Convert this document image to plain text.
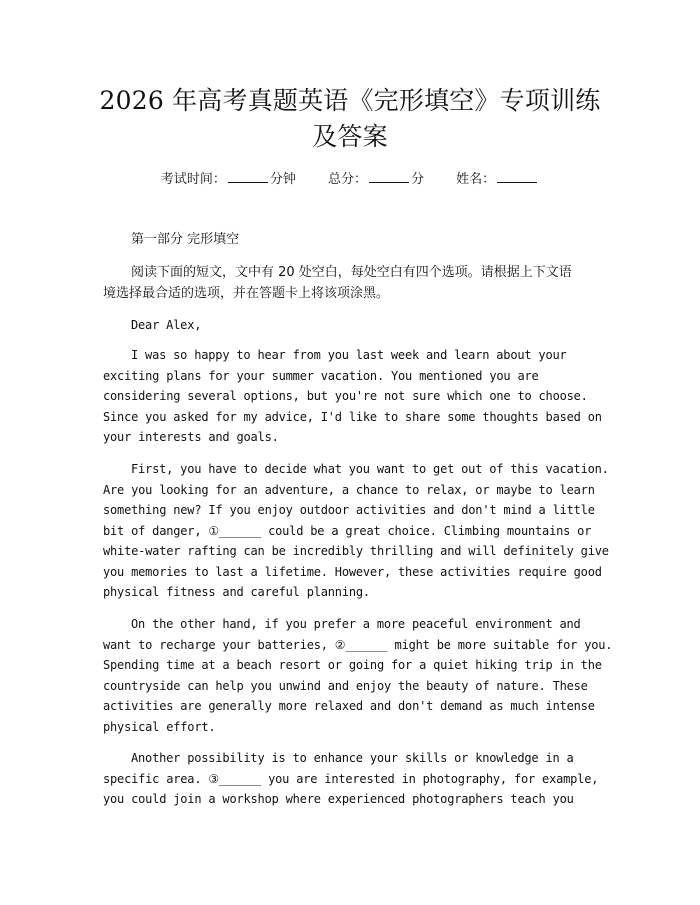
2026 年高考真题英语《完形填空》专项训练
及答案
考试时间：	分钟 总分：	分 姓名：
第一部分 完形填空
阅读下面的短文，文中有 20 处空白，每处空白有四个选项。请根据上下文语
境选择最合适的选项，并在答题卡上将该项涂黑。
Dear Alex,
I was so happy to hear from you last week and learn about your
exciting plans for your summer vacation. You mentioned you are
considering several options, but you're not sure which one to choose.
Since you asked for my advice, I'd like to share some thoughts based on
your interests and goals.
First, you have to decide what you want to get out of this vacation.
Are you looking for an adventure, a chance to relax, or maybe to learn
something new? If you enjoy outdoor activities and don't mind a little
bit of danger, ①______ could be a great choice. Climbing mountains or
white-water rafting can be incredibly thrilling and will definitely give
you memories to last a lifetime. However, these activities require good
physical fitness and careful planning.
On the other hand, if you prefer a more peaceful environment and
want to recharge your batteries, ②______ might be more suitable for you.
Spending time at a beach resort or going for a quiet hiking trip in the
countryside can help you unwind and enjoy the beauty of nature. These
activities are generally more relaxed and don't demand as much intense
physical effort.
Another possibility is to enhance your skills or knowledge in a
specific area. ③______ you are interested in photography, for example,
you could join a workshop where experienced photographers teach you
